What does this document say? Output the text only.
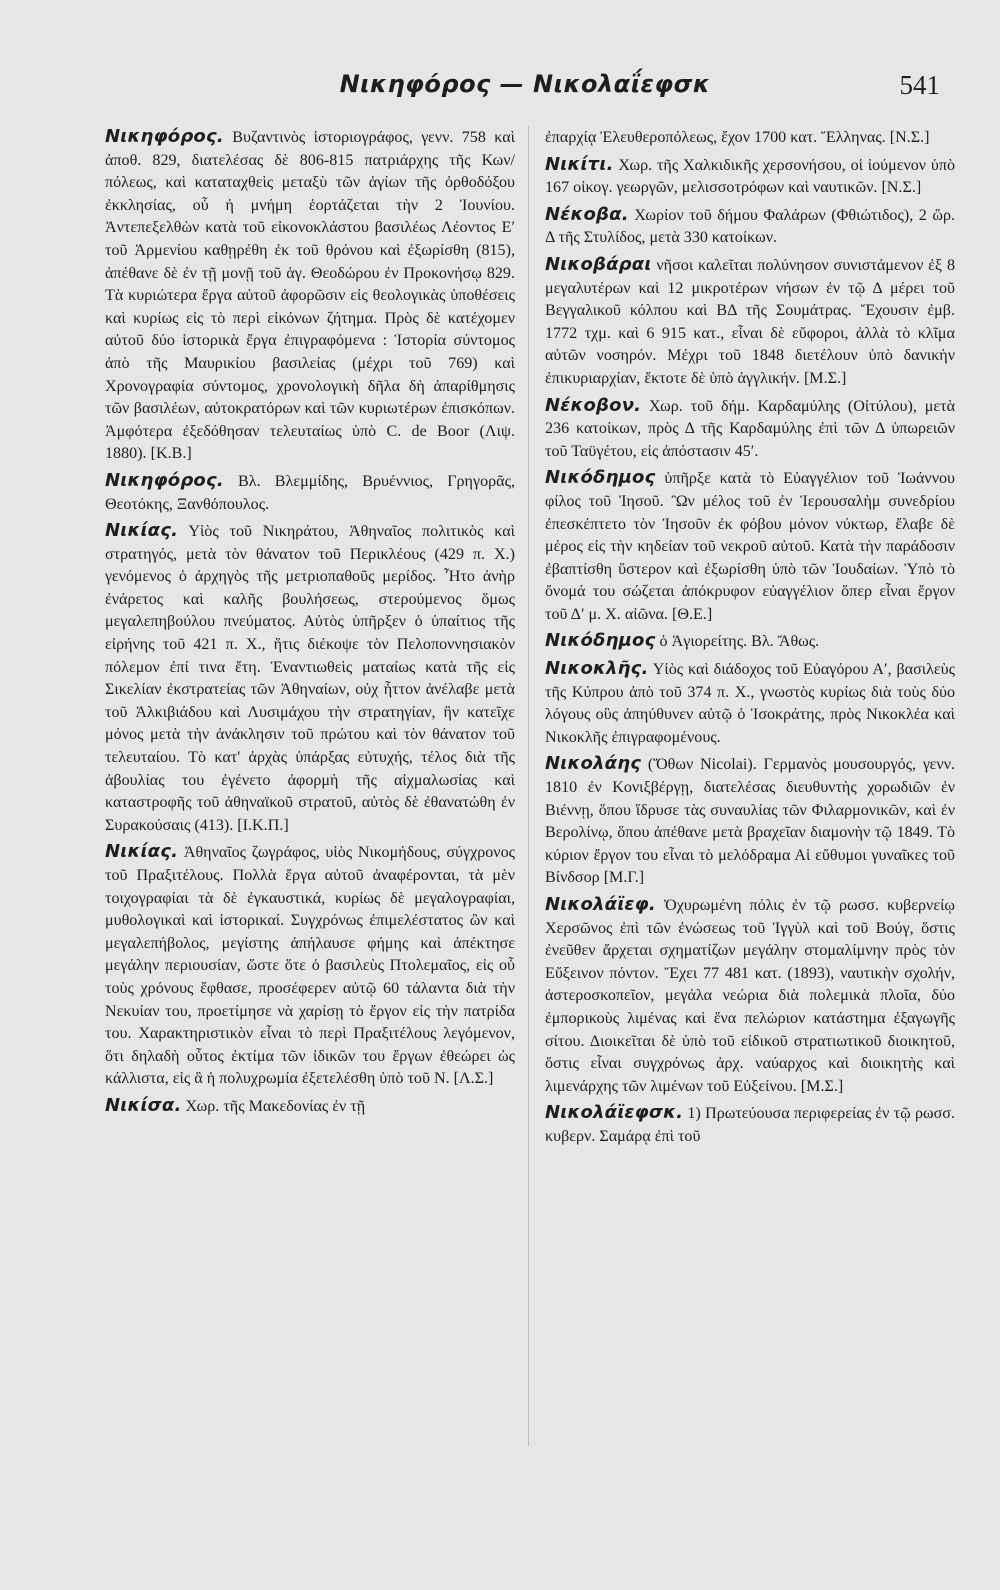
Νικηφόρος — Νικολαΐεφσκ	541

Νικηφόρος. Βυζαντινὸς ἱστοριογράφος, γενν. 758 καὶ ἀποθ. 829, διατελέσας δὲ 806-815 πατριάρχης τῆς Κων/πόλεως, καὶ καταταχθεὶς μεταξὺ τῶν ἁγίων τῆς ὀρθοδόξου ἐκκλησίας, οὗ ἡ μνήμη ἑορτάζεται τὴν 2 Ἰουνίου. Ἀντεπεξελθὼν κατὰ τοῦ εἰκονοκλάστου βασιλέως Λέοντος Ε′ τοῦ Ἀρμενίου καθῃρέθη ἐκ τοῦ θρόνου καὶ ἐξωρίσθη (815), ἀπέθανε δὲ ἐν τῇ μονῇ τοῦ ἁγ. Θεοδώρου ἐν Προκονήσῳ 829. Τὰ κυριώτερα ἔργα αὐτοῦ ἀφορῶσιν εἰς θεολογικὰς ὑποθέσεις καὶ κυρίως εἰς τὸ περὶ εἰκόνων ζήτημα. Πρὸς δὲ κατέχομεν αὐτοῦ δύο ἱστορικὰ ἔργα ἐπιγραφόμενα : Ἱστορία σύντομος ἀπὸ τῆς Μαυρικίου βασιλείας (μέχρι τοῦ 769) καὶ Χρονογραφία σύντομος, χρονολογικὴ δῆλα δὴ ἀπαρίθμησις τῶν βασιλέων, αὐτοκρατόρων καὶ τῶν κυριωτέρων ἐπισκόπων. Ἀμφότερα ἐξεδόθησαν τελευταίως ὑπὸ C. de Boor (Λιψ. 1880). [Κ.Β.]

Νικηφόρος. Βλ. Βλεμμίδης, Βρυέννιος, Γρηγορᾶς, Θεοτόκης, Ξανθόπουλος.

Νικίας. Υἱὸς τοῦ Νικηράτου, Ἀθηναῖος πολιτικὸς καὶ στρατηγός, μετὰ τὸν θάνατον τοῦ Περικλέους (429 π. Χ.) γενόμενος ὁ ἀρχηγὸς τῆς μετριοπαθοῦς μερίδος. Ἦτο ἀνὴρ ἐνάρετος καὶ καλῆς βουλήσεως, στερούμενος ὅμως μεγαλεπηβούλου πνεύματος. Αὐτὸς ὑπῆρξεν ὁ ὑπαίτιος τῆς εἰρήνης τοῦ 421 π. Χ., ἥτις διέκοψε τὸν Πελοποννησιακὸν πόλεμον ἐπί τινα ἔτη. Ἐναντιωθεὶς ματαίως κατὰ τῆς εἰς Σικελίαν ἐκστρατείας τῶν Ἀθηναίων, οὐχ ἧττον ἀνέλαβε μετὰ τοῦ Ἀλκιβιάδου καὶ Λυσιμάχου τὴν στρατηγίαν, ἣν κατεῖχε μόνος μετὰ τὴν ἀνάκλησιν τοῦ πρώτου καὶ τὸν θάνατον τοῦ τελευταίου. Τὸ κατ' ἀρχὰς ὑπάρξας εὐτυχής, τέλος διὰ τῆς ἀβουλίας του ἐγένετο ἀφορμὴ τῆς αἰχμαλωσίας καὶ καταστροφῆς τοῦ ἀθηναϊκοῦ στρατοῦ, αὐτὸς δὲ ἐθανατώθη ἐν Συρακούσαις (413). [Ι.Κ.Π.]

Νικίας. Ἀθηναῖος ζωγράφος, υἱὸς Νικομήδους, σύγχρονος τοῦ Πραξιτέλους. Πολλὰ ἔργα αὐτοῦ ἀναφέρονται, τὰ μὲν τοιχογραφίαι τὰ δὲ ἐγκαυστικά, κυρίως δὲ μεγαλογραφίαι, μυθολογικαὶ καὶ ἱστορικαί. Συγχρόνως ἐπιμελέστατος ὢν καὶ μεγαλεπήβολος, μεγίστης ἀπήλαυσε φήμης καὶ ἀπέκτησε μεγάλην περιουσίαν, ὥστε ὅτε ὁ βασιλεὺς Πτολεμαῖος, εἰς οὗ τοὺς χρόνους ἔφθασε, προσέφερεν αὐτῷ 60 τάλαντα διὰ τὴν Νεκυίαν του, προετίμησε νὰ χαρίσῃ τὸ ἔργον εἰς τὴν πατρίδα του. Χαρακτηριστικὸν εἶναι τὸ περὶ Πραξιτέλους λεγόμενον, ὅτι δηλαδὴ οὗτος ἐκτίμα τῶν ἰδικῶν του ἔργων ἐθεώρει ὡς κάλλιστα, εἰς ἃ ἡ πολυχρωμία ἐξετελέσθη ὑπὸ τοῦ Ν. [Λ.Σ.]

Νικίσα. Χωρ. τῆς Μακεδονίας ἐν τῇ

ἐπαρχίᾳ Ἐλευθεροπόλεως, ἔχον 1700 κατ. Ἕλληνας. [Ν.Σ.]

Νικίτι. Χωρ. τῆς Χαλκιδικῆς χερσονήσου, οἱ ἰούμενον ὑπὸ 167 οἰκογ. γεωργῶν, μελισσοτρόφων καὶ ναυτικῶν. [Ν.Σ.]

Νέκοβα. Χωρίον τοῦ δήμου Φαλάρων (Φθιώτιδος), 2 ὥρ. Δ τῆς Στυλίδος, μετὰ 330 κατοίκων.

Νικοβάραι νῆσοι καλεῖται πολύνησον συνιστάμενον ἐξ 8 μεγαλυτέρων καὶ 12 μικροτέρων νήσων ἐν τῷ Δ μέρει τοῦ Βεγγαλικοῦ κόλπου καὶ ΒΔ τῆς Σουμάτρας. Ἔχουσιν ἐμβ. 1772 τχμ. καὶ 6 915 κατ., εἶναι δὲ εὔφοροι, ἀλλὰ τὸ κλῖμα αὐτῶν νοσηρόν. Μέχρι τοῦ 1848 διετέλουν ὑπὸ δανικὴν ἐπικυριαρχίαν, ἔκτοτε δὲ ὑπὸ ἀγγλικήν. [Μ.Σ.]

Νέκοβον. Χωρ. τοῦ δήμ. Καρδαμύλης (Οἰτύλου), μετὰ 236 κατοίκων, πρὸς Δ τῆς Καρδαμύλης ἐπὶ τῶν Δ ὑπωρειῶν τοῦ Ταϋγέτου, εἰς ἀπόστασιν 45′.

Νικόδημος ὑπῆρξε κατὰ τὸ Εὐαγγέλιον τοῦ Ἰωάννου φίλος τοῦ Ἰησοῦ. Ὢν μέλος τοῦ ἐν Ἱερουσαλὴμ συνεδρίου ἐπεσκέπτετο τὸν Ἰησοῦν ἐκ φόβου μόνον νύκτωρ, ἔλαβε δὲ μέρος εἰς τὴν κηδείαν τοῦ νεκροῦ αὐτοῦ. Κατὰ τὴν παράδοσιν ἐβαπτίσθη ὕστερον καὶ ἐξωρίσθη ὑπὸ τῶν Ἰουδαίων. Ὑπὸ τὸ ὄνομά του σώζεται ἀπόκρυφον εὐαγγέλιον ὅπερ εἶναι ἔργον τοῦ Δ′ μ. Χ. αἰῶνα. [Θ.Ε.]

Νικόδημος ὁ Ἁγιορείτης. Βλ. Ἄθως.

Νικοκλῆς. Υἱὸς καὶ διάδοχος τοῦ Εὐαγόρου Α′, βασιλεὺς τῆς Κύπρου ἀπὸ τοῦ 374 π. Χ., γνωστὸς κυρίως διὰ τοὺς δύο λόγους οὓς ἀπηύθυνεν αὐτῷ ὁ Ἰσοκράτης, πρὸς Νικοκλέα καὶ Νικοκλῆς ἐπιγραφομένους.

Νικολάης (Ὄθων Nicolai). Γερμανὸς μουσουργός, γενν. 1810 ἐν Κονιξβέργῃ, διατελέσας διευθυντὴς χορωδιῶν ἐν Βιέννῃ, ὅπου ἵδρυσε τὰς συναυλίας τῶν Φιλαρμονικῶν, καὶ ἐν Βερολίνῳ, ὅπου ἀπέθανε μετὰ βραχεῖαν διαμονὴν τῷ 1849. Τὸ κύριον ἔργον του εἶναι τὸ μελόδραμα Αἱ εὔθυμοι γυναῖκες τοῦ Βίνδσορ [Μ.Γ.]

Νικολάϊεφ. Ὀχυρωμένη πόλις ἐν τῷ ρωσσ. κυβερνείῳ Χερσῶνος ἐπὶ τῶν ἐνώσεως τοῦ Ἰγγὺλ καὶ τοῦ Βούγ, ὅστις ἐνεῦθεν ἄρχεται σχηματίζων μεγάλην στομαλίμνην πρὸς τὸν Εὔξεινον πόντον. Ἔχει 77 481 κατ. (1893), ναυτικὴν σχολήν, ἀστεροσκοπεῖον, μεγάλα νεώρια διὰ πολεμικὰ πλοῖα, δύο ἐμπορικοὺς λιμένας καὶ ἕνα πελώριον κατάστημα ἐξαγωγῆς σίτου. Διοικεῖται δὲ ὑπὸ τοῦ εἰδικοῦ στρατιωτικοῦ διοικητοῦ, ὅστις εἶναι συγχρόνως ἀρχ. ναύαρχος καὶ διοικητὴς καὶ λιμενάρχης τῶν λιμένων τοῦ Εὐξείνου. [Μ.Σ.]

Νικολάϊεφσκ. 1) Πρωτεύουσα περιφερείας ἐν τῷ ρωσσ. κυβερν. Σαμάρᾳ ἐπὶ τοῦ
